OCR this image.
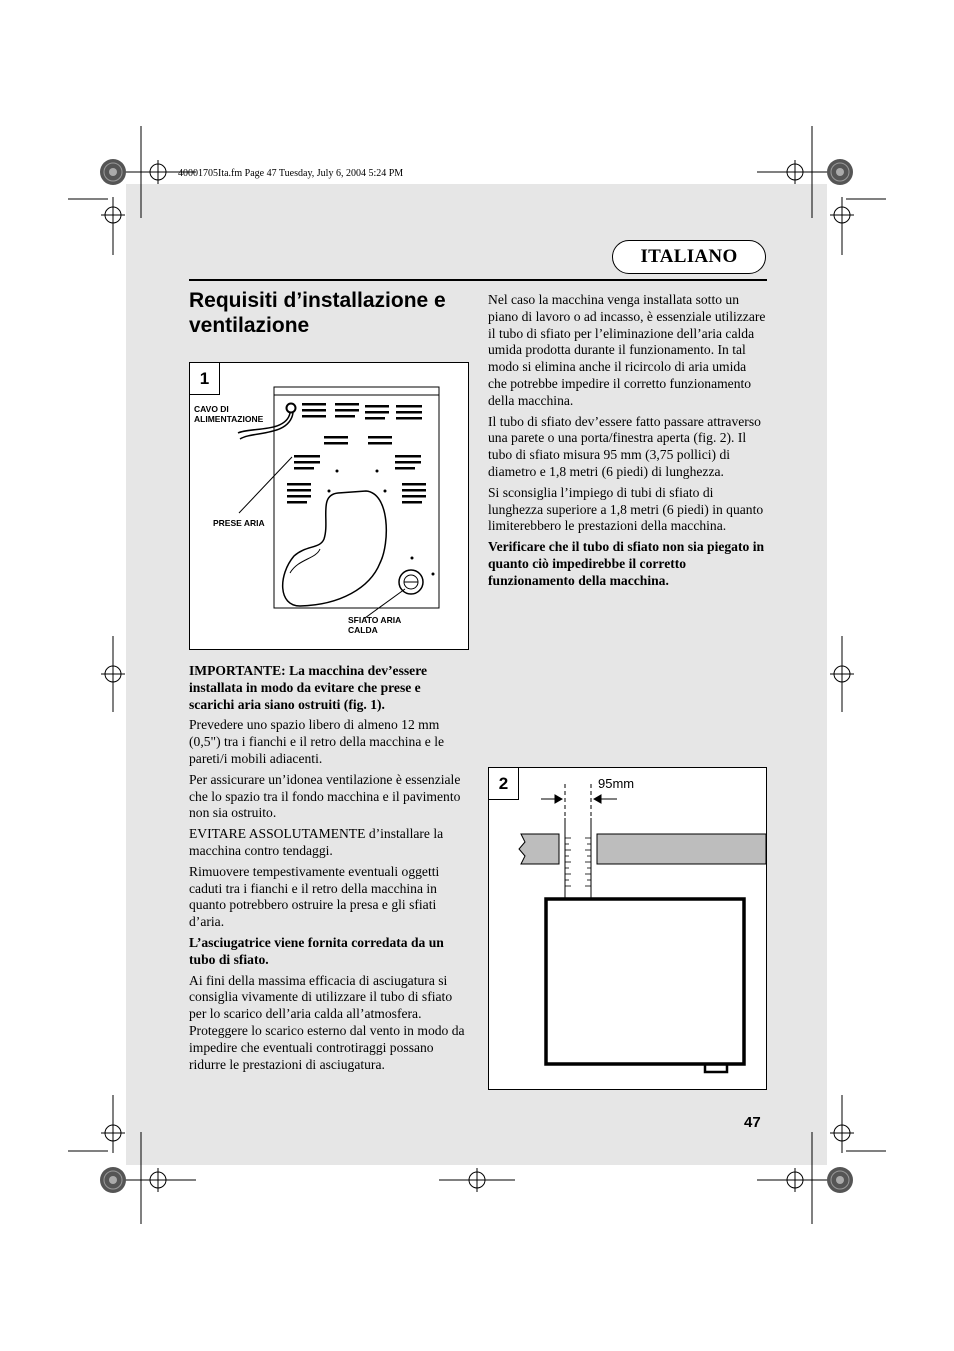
40001705Ita.fm Page 47 Tuesday, July 6, 2004 5:24 PM
ITALIANO
Requisiti d’installazione e ventilazione
1
CAVO DI ALIMENTAZIONE
PRESE ARIA
SFIATO ARIA CALDA
2	95mm

IMPORTANTE: La macchina dev’essere installata in modo da evitare che prese e scarichi aria siano ostruiti (fig. 1).

Prevedere uno spazio libero di almeno 12 mm (0,5") tra i fianchi e il retro della macchina e le pareti/i mobili adiacenti.

Per assicurare un’idonea ventilazione è essenziale che lo spazio tra il fondo macchina e il pavimento non sia ostruito.

EVITARE ASSOLUTAMENTE d’installare la macchina contro tendaggi.

Rimuovere tempestivamente eventuali oggetti caduti tra i fianchi e il retro della macchina in quanto potrebbero ostruire la presa e gli sfiati d’aria.

L’asciugatrice viene fornita corredata da un tubo di sfiato.

Ai fini della massima efficacia di asciugatura si consiglia vivamente di utilizzare il tubo di sfiato per lo scarico dell’aria calda all’atmosfera. Proteggere lo scarico esterno dal vento in modo da impedire che eventuali controtiraggi possano ridurre le prestazioni di asciugatura.

Nel caso la macchina venga installata sotto un piano di lavoro o ad incasso, è essenziale utilizzare il tubo di sfiato per l’eliminazione dell’aria calda umida prodotta durante il funzionamento. In tal modo si elimina anche il ricircolo di aria umida che potrebbe impedire il corretto funzionamento della macchina.

Il tubo di sfiato dev’essere fatto passare attraverso una parete o una porta/finestra aperta (fig. 2). Il tubo di sfiato misura 95 mm (3,75 pollici) di diametro e 1,8 metri (6 piedi) di lunghezza.

Si sconsiglia l’impiego di tubi di sfiato di lunghezza superiore a 1,8 metri (6 piedi) in quanto limiterebbero le prestazioni della macchina.

Verificare che il tubo di sfiato non sia piegato in quanto ciò impedirebbe il corretto funzionamento della macchina.

47
